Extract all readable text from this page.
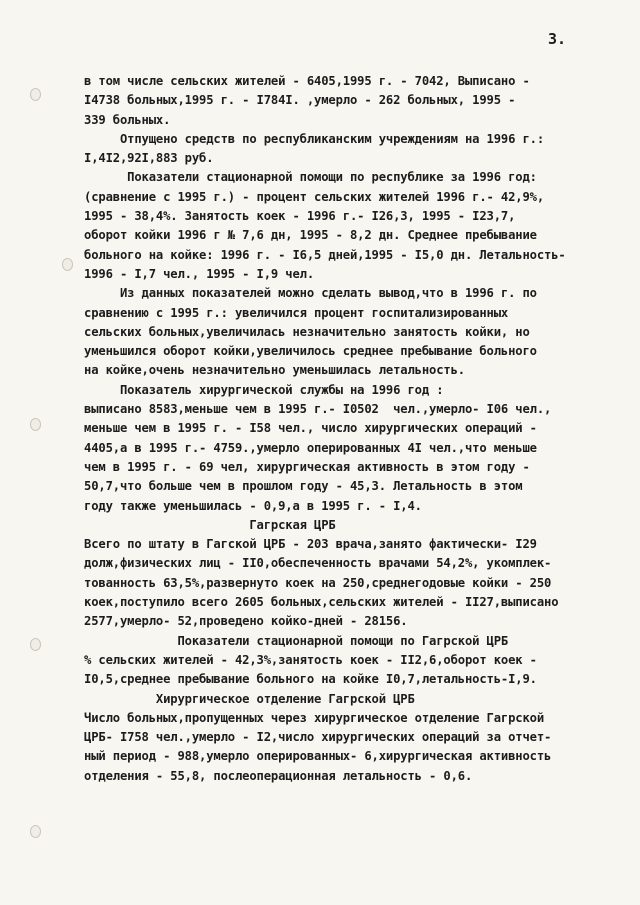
3.
в том числе сельских жителей - 6405,1995 г. - 7042, Выписано -
I4738 больных,1995 г. - I784I. ,умерло - 262 больных, 1995 -
339 больных.
Отпущено средств по республиканским учреждениям на 1996 г.:
I,4I2,92I,883 руб.
Показатели стационарной помощи по республике за 1996 год:
(сравнение с 1995 г.) - процент сельских жителей 1996 г.- 42,9%,
1995 - 38,4%. Занятость коек - 1996 г.- I26,3, 1995 - I23,7,
оборот койки 1996 г № 7,6 дн, 1995 - 8,2 дн. Среднее пребывание
больного на койке: 1996 г. - I6,5 дней,1995 - I5,0 дн. Летальность-
1996 - I,7 чел., 1995 - I,9 чел.
Из данных показателей можно сделать вывод,что в 1996 г. по
сравнению с 1995 г.: увеличился процент госпитализированных
сельских больных,увеличилась незначительно занятость койки, но
уменьшился оборот койки,увеличилось среднее пребывание больного
на койке,очень незначительно уменьшилась летальность.
Показатель хирургической службы на 1996 год :
выписано 8583,меньше чем в 1995 г.- I0502  чел.,умерло- I06 чел.,
меньше чем в 1995 г. - I58 чел., число хирургических операций -
4405,а в 1995 г.- 4759.,умерло оперированных 4I чел.,что меньше
чем в 1995 г. - 69 чел, хирургическая активность в этом году -
50,7,что больше чем в прошлом году - 45,3. Летальность в этом
году также уменьшилась - 0,9,а в 1995 г. - I,4.
Гагрская ЦРБ
Всего по штату в Гагской ЦРБ - 203 врача,занято фактически- I29
долж,физических лиц - II0,обеспеченность врачами 54,2%, укомплек-
тованность 63,5%,развернуто коек на 250,среднегодовые койки - 250
коек,поступило всего 2605 больных,сельских жителей - II27,выписано
2577,умерло- 52,проведено койко-дней - 28156.
Показатели стационарной помощи по Гагрской ЦРБ
% сельских жителей - 42,3%,занятость коек - II2,6,оборот коек -
I0,5,среднее пребывание больного на койке I0,7,летальность-I,9.
Хирургическое отделение Гагрской ЦРБ
Число больных,пропущенных через хирургическое отделение Гагрской
ЦРБ- I758 чел.,умерло - I2,число хирургических операций за отчет-
ный период - 988,умерло оперированных- 6,хирургическая активность
отделения - 55,8, послеоперационная летальность - 0,6.
